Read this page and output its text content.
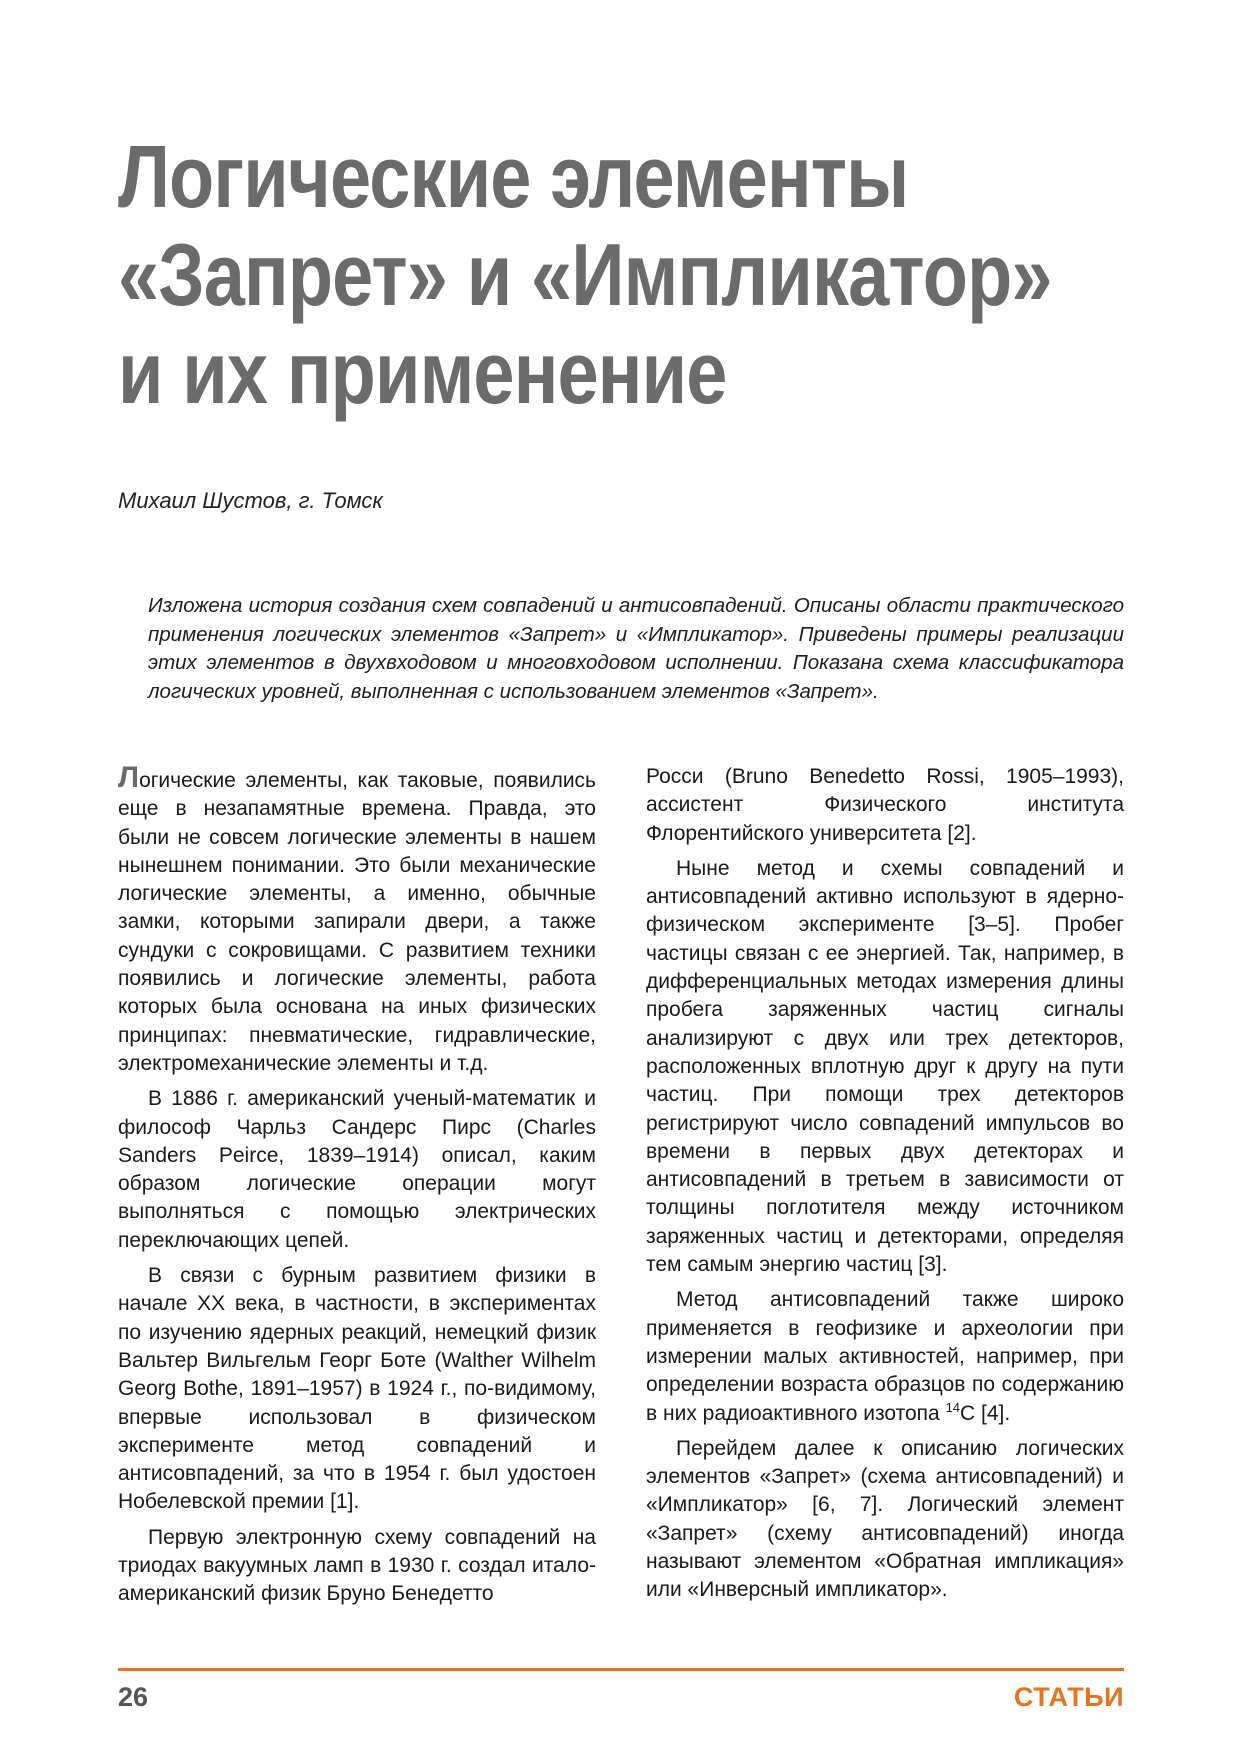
Логические элементы
«Запрет» и «Импликатор»
и их применение
Михаил Шустов, г. Томск

Изложена история создания схем совпадений и антисовпадений. Описаны области практического применения логических элементов «Запрет» и «Импликатор». Приведены примеры реализации этих элементов в двухвходовом и многовходовом исполнении. Показана схема классификатора логических уровней, выполненная с использованием элементов «Запрет».

Логические элементы, как таковые, появились еще в незапамятные времена. Правда, это были не совсем логические элементы в нашем нынешнем понимании. Это были механические логические элементы, а именно, обычные замки, которыми запирали двери, а также сундуки с сокровищами. С развитием техники появились и логические элементы, работа которых была основана на иных физических принципах: пневматические, гидравлические, электромеханические элементы и т.д.

В 1886 г. американский ученый-математик и философ Чарльз Сандерс Пирс (Charles Sanders Peirce, 1839–1914) описал, каким образом логические операции могут выполняться с помощью электрических переключающих цепей.

В связи с бурным развитием физики в начале XX века, в частности, в экспериментах по изучению ядерных реакций, немецкий физик Вальтер Вильгельм Георг Боте (Walther Wilhelm Georg Bothe, 1891–1957) в 1924 г., по-видимому, впервые использовал в физическом эксперименте метод совпадений и антисовпадений, за что в 1954 г. был удостоен Нобелевской премии [1].

Первую электронную схему совпадений на триодах вакуумных ламп в 1930 г. создал итало-американский физик Бруно Бенедетто

Росси (Bruno Benedetto Rossi, 1905–1993), ассистент Физического института Флорентийского университета [2].

Ныне метод и схемы совпадений и антисовпадений активно используют в ядерно-физическом эксперименте [3–5]. Пробег частицы связан с ее энергией. Так, например, в дифференциальных методах измерения длины пробега заряженных частиц сигналы анализируют с двух или трех детекторов, расположенных вплотную друг к другу на пути частиц. При помощи трех детекторов регистрируют число совпадений импульсов во времени в первых двух детекторах и антисовпадений в третьем в зависимости от толщины поглотителя между источником заряженных частиц и детекторами, определяя тем самым энергию частиц [3].

Метод антисовпадений также широко применяется в геофизике и археологии при измерении малых активностей, например, при определении возраста образцов по содержанию в них радиоактивного изотопа $^{14}$C [4].

Перейдем далее к описанию логических элементов «Запрет» (схема антисовпадений) и «Импликатор» [6, 7]. Логический элемент «Запрет» (схему антисовпадений) иногда называют элементом «Обратная импликация» или «Инверсный импликатор».

26	СТАТЬИ
